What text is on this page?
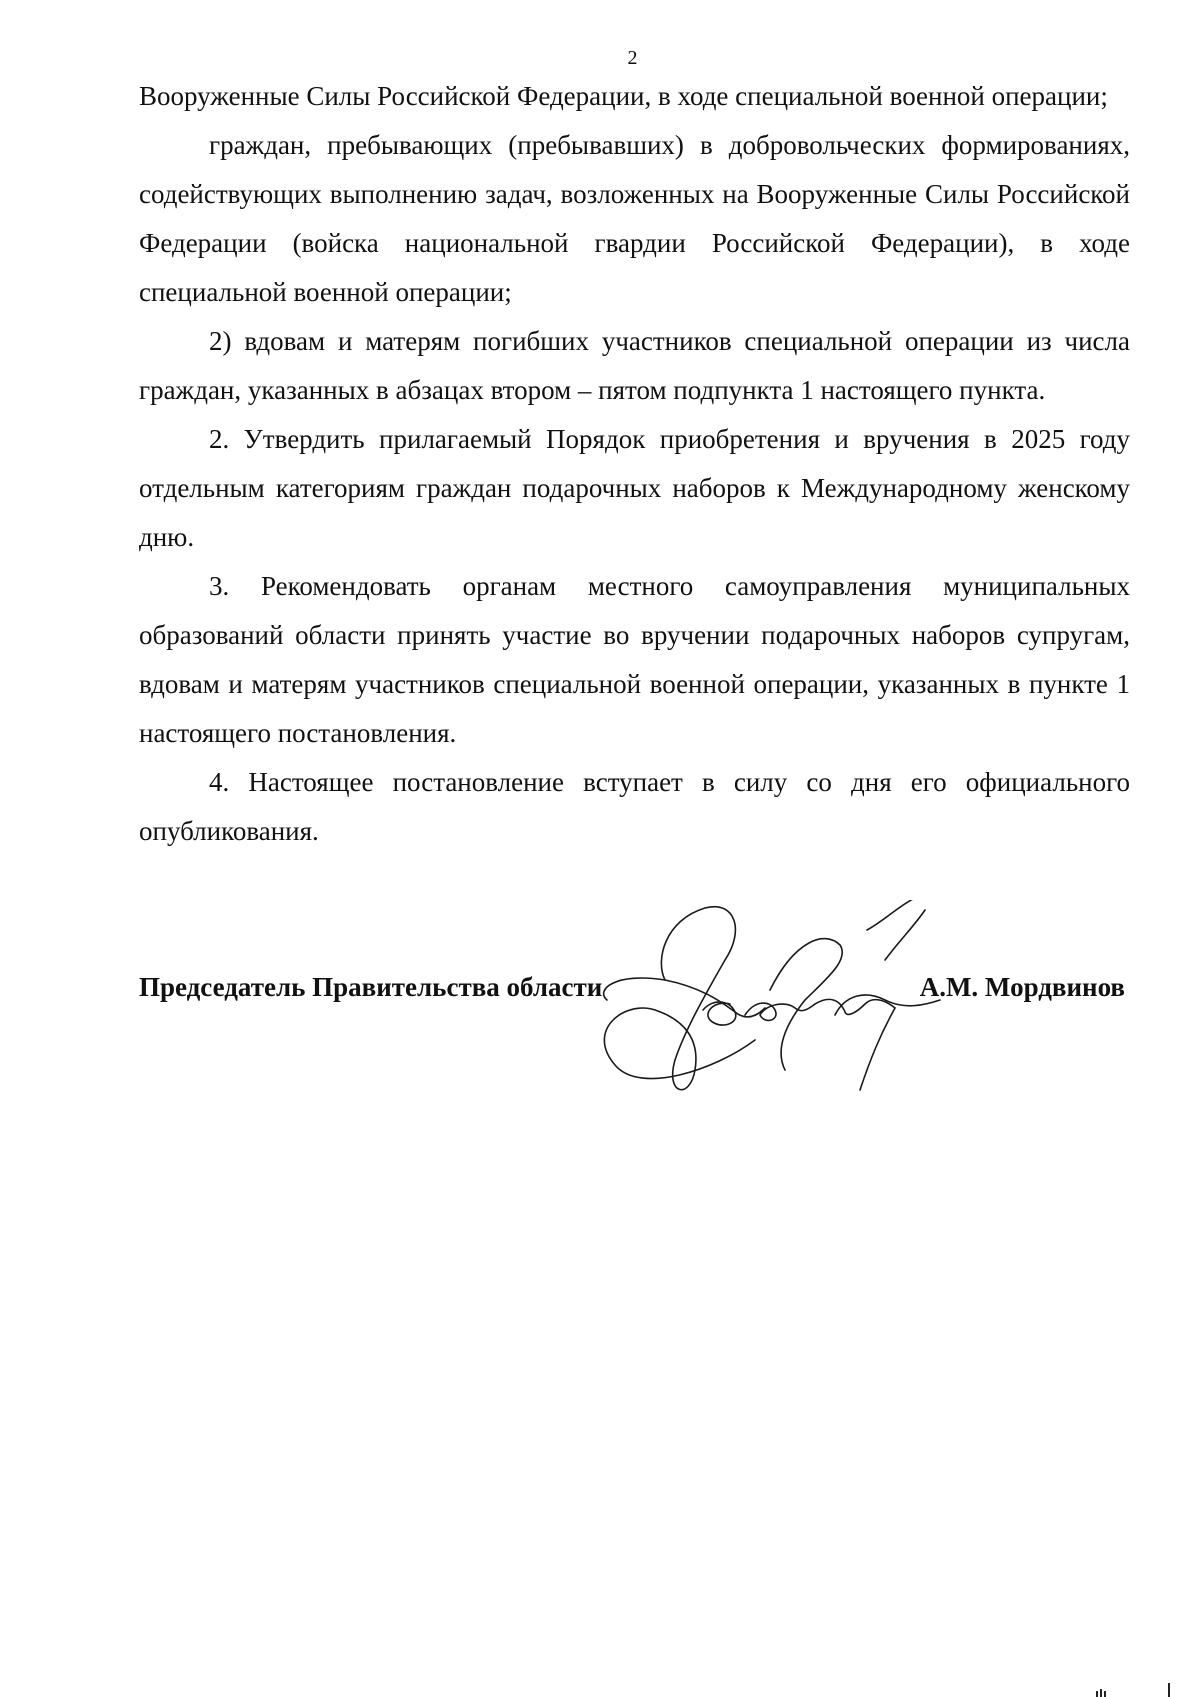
2

Вооруженные Силы Российской Федерации, в ходе специальной военной операции;

граждан, пребывающих (пребывавших) в добровольческих формированиях, содействующих выполнению задач, возложенных на Вооруженные Силы Российской Федерации (войска национальной гвардии Российской Федерации), в ходе специальной военной операции;

2) вдовам и матерям погибших участников специальной операции из числа граждан, указанных в абзацах втором – пятом подпункта 1 настоящего пункта.

2. Утвердить прилагаемый Порядок приобретения и вручения в 2025 году отдельным категориям граждан подарочных наборов к Международному женскому дню.

3. Рекомендовать органам местного самоуправления муниципальных образований области принять участие во вручении подарочных наборов супругам, вдовам и матерям участников специальной военной операции, указанных в пункте 1 настоящего постановления.

4. Настоящее постановление вступает в силу со дня его официального опубликования.

Председатель Правительства области	А.М. Мордвинов
